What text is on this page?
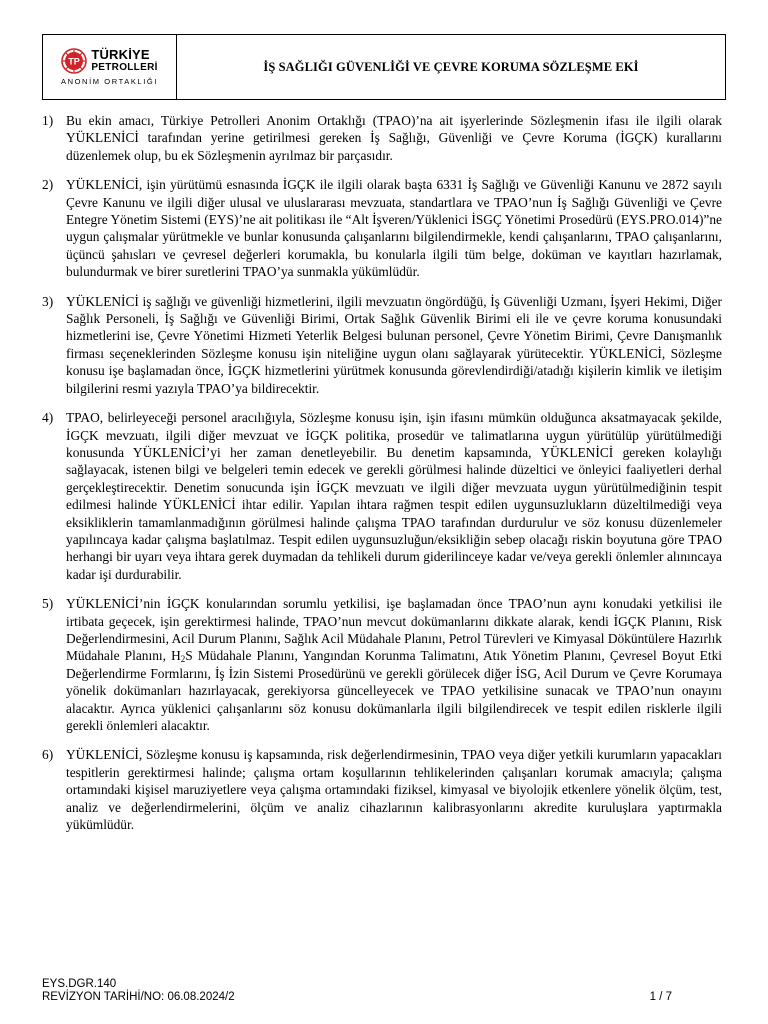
TP TÜRKİYE
PETROLLERİ
ANONİM ORTAKLIĞI
İŞ SAĞLIĞI GÜVENLİĞİ VE ÇEVRE KORUMA SÖZLEŞME EKİ
1) Bu ekin amacı, Türkiye Petrolleri Anonim Ortaklığı (TPAO)’na ait işyerlerinde Sözleşmenin ifası ile ilgili olarak YÜKLENİCİ tarafından yerine getirilmesi gereken İş Sağlığı, Güvenliği ve Çevre Koruma (İGÇK) kurallarını düzenlemek olup, bu ek Sözleşmenin ayrılmaz bir parçasıdır.
2) YÜKLENİCİ, işin yürütümü esnasında İGÇK ile ilgili olarak başta 6331 İş Sağlığı ve Güvenliği Kanunu ve 2872 sayılı Çevre Kanunu ve ilgili diğer ulusal ve uluslararası mevzuata, standartlara ve TPAO’nun İş Sağlığı Güvenliği ve Çevre Entegre Yönetim Sistemi (EYS)’ne ait politikası ile “Alt İşveren/Yüklenici İSGÇ Yönetimi Prosedürü (EYS.PRO.014)”ne uygun çalışmalar yürütmekle ve bunlar konusunda çalışanlarını bilgilendirmekle, kendi çalışanlarını, TPAO çalışanlarını, üçüncü şahısları ve çevresel değerleri korumakla, bu konularla ilgili tüm belge, doküman ve kayıtları hazırlamak, bulundurmak ve birer suretlerini TPAO’ya sunmakla yükümlüdür.
3) YÜKLENİCİ iş sağlığı ve güvenliği hizmetlerini, ilgili mevzuatın öngördüğü, İş Güvenliği Uzmanı, İşyeri Hekimi, Diğer Sağlık Personeli, İş Sağlığı ve Güvenliği Birimi, Ortak Sağlık Güvenlik Birimi eli ile ve çevre koruma konusundaki hizmetlerini ise, Çevre Yönetimi Hizmeti Yeterlik Belgesi bulunan personel, Çevre Yönetim Birimi, Çevre Danışmanlık firması seçeneklerinden Sözleşme konusu işin niteliğine uygun olanı sağlayarak yürütecektir. YÜKLENİCİ, Sözleşme konusu işe başlamadan önce, İGÇK hizmetlerini yürütmek konusunda görevlendirdiği/atadığı kişilerin kimlik ve iletişim bilgilerini resmi yazıyla TPAO’ya bildirecektir.
4) TPAO, belirleyeceği personel aracılığıyla, Sözleşme konusu işin, işin ifasını mümkün olduğunca aksatmayacak şekilde, İGÇK mevzuatı, ilgili diğer mevzuat ve İGÇK politika, prosedür ve talimatlarına uygun yürütülüp yürütülmediği konusunda YÜKLENİCİ’yi her zaman denetleyebilir. Bu denetim kapsamında, YÜKLENİCİ gereken kolaylığı sağlayacak, istenen bilgi ve belgeleri temin edecek ve gerekli görülmesi halinde düzeltici ve önleyici faaliyetleri derhal gerçekleştirecektir. Denetim sonucunda işin İGÇK mevzuatı ve ilgili diğer mevzuata uygun yürütülmediğinin tespit edilmesi halinde YÜKLENİCİ ihtar edilir. Yapılan ihtara rağmen tespit edilen uygunsuzlukların düzeltilmediği veya eksikliklerin tamamlanmadığının görülmesi halinde çalışma TPAO tarafından durdurulur ve söz konusu düzenlemeler yapılıncaya kadar çalışma başlatılmaz. Tespit edilen uygunsuzluğun/eksikliğin sebep olacağı riskin boyutuna göre TPAO herhangi bir uyarı veya ihtara gerek duymadan da tehlikeli durum giderilinceye kadar ve/veya gerekli önlemler alınıncaya kadar işi durdurabilir.
5) YÜKLENİCİ’nin İGÇK konularından sorumlu yetkilisi, işe başlamadan önce TPAO’nun aynı konudaki yetkilisi ile irtibata geçecek, işin gerektirmesi halinde, TPAO’nun mevcut dokümanlarını dikkate alarak, kendi İGÇK Planını, Risk Değerlendirmesini, Acil Durum Planını, Sağlık Acil Müdahale Planını, Petrol Türevleri ve Kimyasal Döküntülere Hazırlık Müdahale Planını, $H_2S$ Müdahale Planını, Yangından Korunma Talimatını, Atık Yönetim Planını, Çevresel Boyut Etki Değerlendirme Formlarını, İş İzin Sistemi Prosedürünü ve gerekli görülecek diğer İSG, Acil Durum ve Çevre Korumaya yönelik dokümanları hazırlayacak, gerekiyorsa güncelleyecek ve TPAO yetkilisine sunacak ve TPAO’nun onayını alacaktır. Ayrıca yüklenici çalışanlarını söz konusu dokümanlarla ilgili bilgilendirecek ve tespit edilen risklerle ilgili gerekli önlemleri alacaktır.
6) YÜKLENİCİ, Sözleşme konusu iş kapsamında, risk değerlendirmesinin, TPAO veya diğer yetkili kurumların yapacakları tespitlerin gerektirmesi halinde; çalışma ortam koşullarının tehlikelerinden çalışanları korumak amacıyla; çalışma ortamındaki kişisel maruziyetlere veya çalışma ortamındaki fiziksel, kimyasal ve biyolojik etkenlere yönelik ölçüm, test, analiz ve değerlendirmelerini, ölçüm ve analiz cihazlarının kalibrasyonlarını akredite kuruluşlara yaptırmakla yükümlüdür.
EYS.DGR.140
REVİZYON TARİHİ/NO: 06.08.2024/2	1 / 7
